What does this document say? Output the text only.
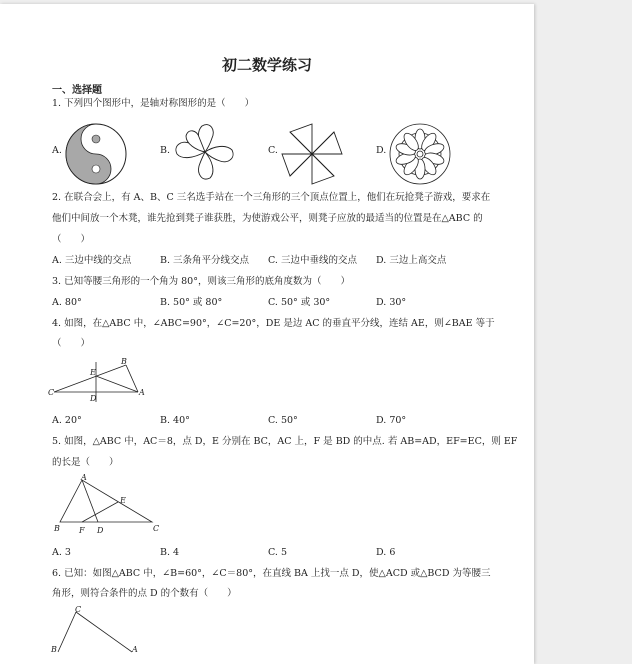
初二数学练习
一、选择题
1. 下列四个图形中，是轴对称图形的是（　　）
A.	B.	C.	D.
2. 在联合会上，有 A、B、C 三名选手站在一个三角形的三个顶点位置上，他们在玩抢凳子游戏，要求在
他们中间放一个木凳，谁先抢到凳子谁获胜，为使游戏公平，则凳子应放的最适当的位置是在△ABC 的
（　　）
A. 三边中线的交点	B. 三条角平分线交点 C. 三边中垂线的交点 D. 三边上高交点
3. 已知等腰三角形的一个角为 80°，则该三角形的底角度数为（　　）
A. 80°	B. 50° 或 80°	C. 50° 或 30°	D. 30°
4. 如图，在△ABC 中，∠ABC=90°，∠C=20°，DE 是边 AC 的垂直平分线，连结 AE，则∠BAE 等于
（　　）
B
E
C	A
D
A. 20°	B. 40°	C. 50°	D. 70°
5. 如图，△ABC 中，AC＝8，点 D，E 分别在 BC，AC 上，F 是 BD 的中点. 若 AB=AD，EF=EC，则 EF
的长是（　　）
A
E
B F D	C
A. 3	B. 4	C. 5	D. 6
6. 已知：如图△ABC 中，∠B=60°，∠C＝80°，在直线 BA 上找一点 D，使△ACD 或△BCD 为等腰三
角形，则符合条件的点 D 的个数有（　　）
C
B	A
